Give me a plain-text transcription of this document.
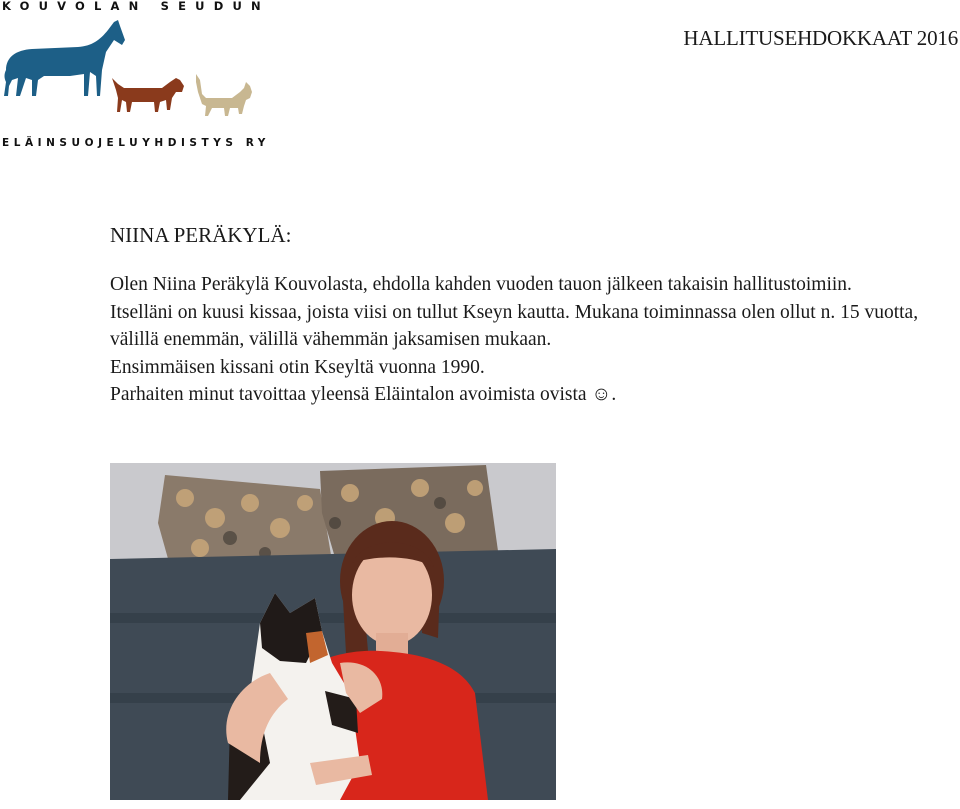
KOUVOLAN SEUDUN

ELÄINSUOJELUYHDISTYS RY

HALLITUSEHDOKKAAT 2016
NIINA PERÄKYLÄ:

Olen Niina Peräkylä Kouvolasta, ehdolla kahden vuoden tauon jälkeen takaisin hallitustoimiin.

Itselläni on kuusi kissaa, joista viisi on tullut Kseyn kautta. Mukana toiminnassa olen ollut n. 15 vuotta, välillä enemmän, välillä vähemmän jaksamisen mukaan.

Ensimmäisen kissani otin Kseyltä vuonna 1990.

Parhaiten minut tavoittaa yleensä Eläintalon avoimista ovista ☺.
